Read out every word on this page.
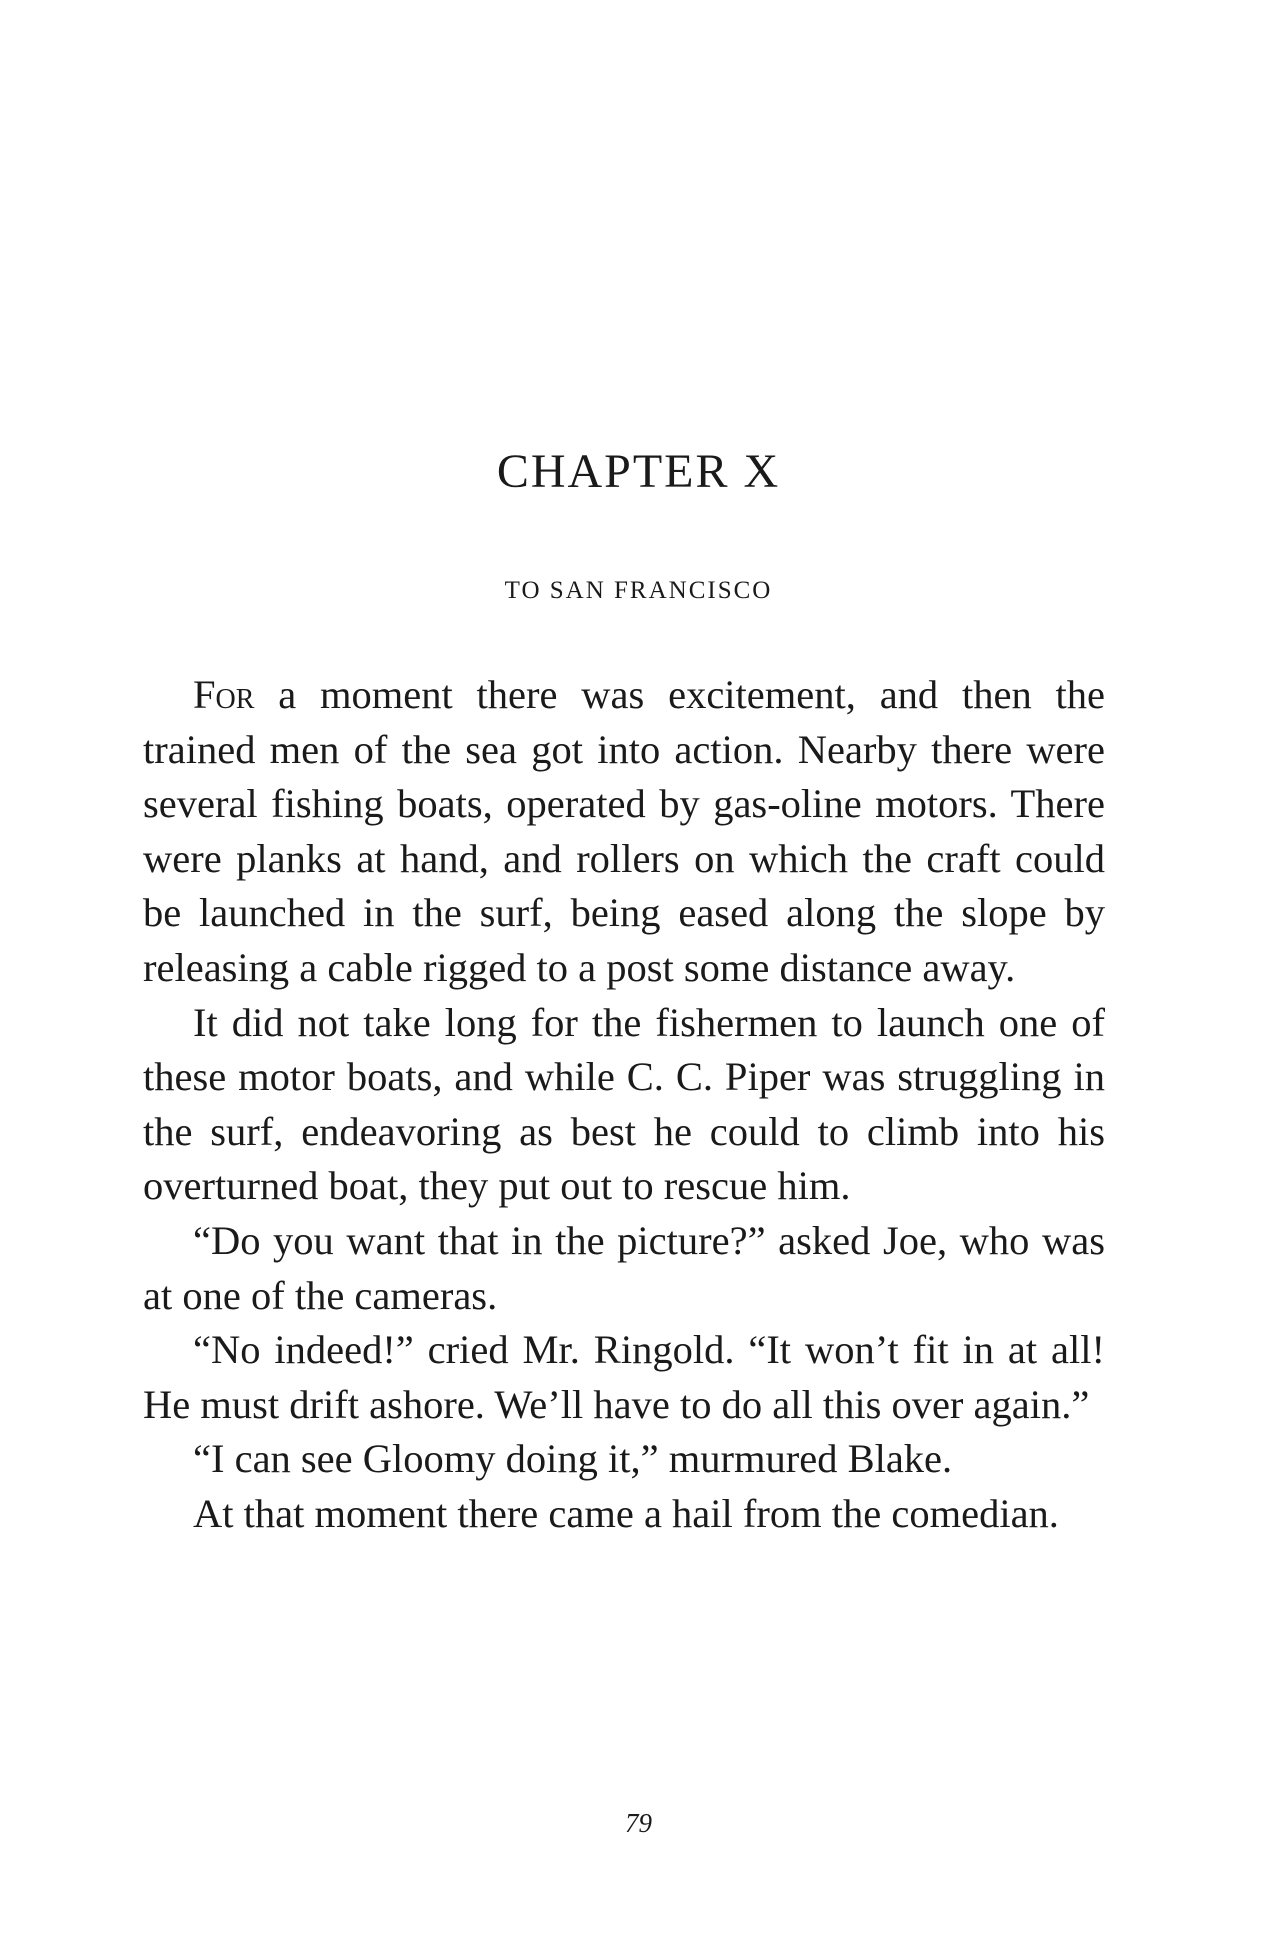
CHAPTER X
TO SAN FRANCISCO

For a moment there was excitement, and then the trained men of the sea got into action. Nearby there were several fishing boats, operated by gas-oline motors. There were planks at hand, and rollers on which the craft could be launched in the surf, being eased along the slope by releasing a cable rigged to a post some distance away.

It did not take long for the fishermen to launch one of these motor boats, and while C. C. Piper was struggling in the surf, endeavoring as best he could to climb into his overturned boat, they put out to rescue him.

“Do you want that in the picture?” asked Joe, who was at one of the cameras.

“No indeed!” cried Mr. Ringold. “It won’t fit in at all! He must drift ashore. We’ll have to do all this over again.”

“I can see Gloomy doing it,” murmured Blake.

At that moment there came a hail from the comedian.

79
